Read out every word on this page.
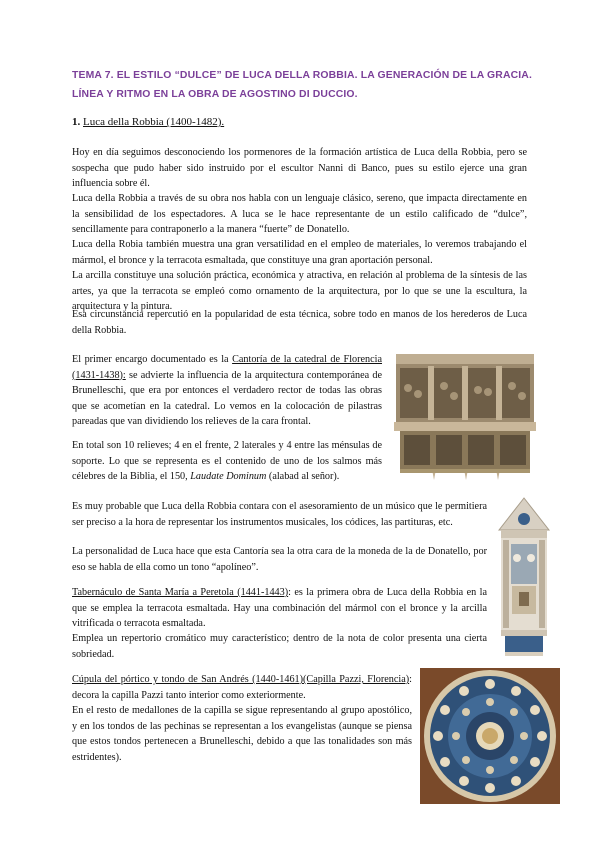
TEMA 7. EL ESTILO “DULCE” DE LUCA DELLA ROBBIA. LA GENERACIÓN DE LA GRACIA. LÍNEA Y RITMO EN LA OBRA DE AGOSTINO DI DUCCIO.
1. Luca della Robbia (1400-1482).
Hoy en día seguimos desconociendo los pormenores de la formación artística de Luca della Robbia, pero se sospecha que pudo haber sido instruido por el escultor Nanni di Banco, pues su estilo ejerce una gran influencia sobre él.
Luca della Robbia a través de su obra nos habla con un lenguaje clásico, sereno, que impacta directamente en la sensibilidad de los espectadores. A luca se le hace representante de un estilo calificado de “dulce”, sencillamente para contraponerlo a la manera “fuerte” de Donatello.
Luca della Robia también muestra una gran versatilidad en el empleo de materiales, lo veremos trabajando el mármol, el bronce y la terracota esmaltada, que constituye una gran aportación personal.
La arcilla constituye una solución práctica, económica y atractiva, en relación al problema de la síntesis de las artes, ya que la terracota se empleó como ornamento de la arquitectura, por lo que se une la escultura, la arquitectura y la pintura.
Esa circunstancia repercutió en la popularidad de esta técnica, sobre todo en manos de los herederos de Luca della Robbia.
El primer encargo documentado es la Cantoría de la catedral de Florencia (1431-1438): se advierte la influencia de la arquitectura contemporánea de Brunelleschi, que era por entonces el verdadero rector de todas las obras que se acometían en la catedral. Lo vemos en la colocación de pilastras pareadas que van dividiendo los relieves de la cara frontal.
En total son 10 relieves; 4 en el frente, 2 laterales y 4 entre las ménsulas de soporte. Lo que se representa es el contenido de uno de los salmos más célebres de la Biblia, el 150, Laudate Dominum (alabad al señor).
Es muy probable que Luca della Robbia contara con el asesoramiento de un músico que le permitiera ser preciso a la hora de representar los instrumentos musicales, los códices, las partituras, etc.
La personalidad de Luca hace que esta Cantoría sea la otra cara de la moneda de la de Donatello, por eso se habla de ella como un tono “apolíneo”.
Tabernáculo de Santa María a Peretola (1441-1443): es la primera obra de Luca della Robbia en la que se emplea la terracota esmaltada. Hay una combinación del mármol con el bronce y la arcilla vitrificada o terracota esmaltada.
Emplea un repertorio cromático muy característico; dentro de la nota de color presenta una cierta sobriedad.
Cúpula del pórtico y tondo de San Andrés (1440-1461)(Capilla Pazzi, Florencia): decora la capilla Pazzi tanto interior como exteriormente.
En el resto de medallones de la capilla se sigue representando al grupo apostólico, y en los tondos de las pechinas se representan a los evangelistas (aunque se piensa que estos tondos pertenecen a Brunelleschi, debido a que las tonalidades son más estridentes).
